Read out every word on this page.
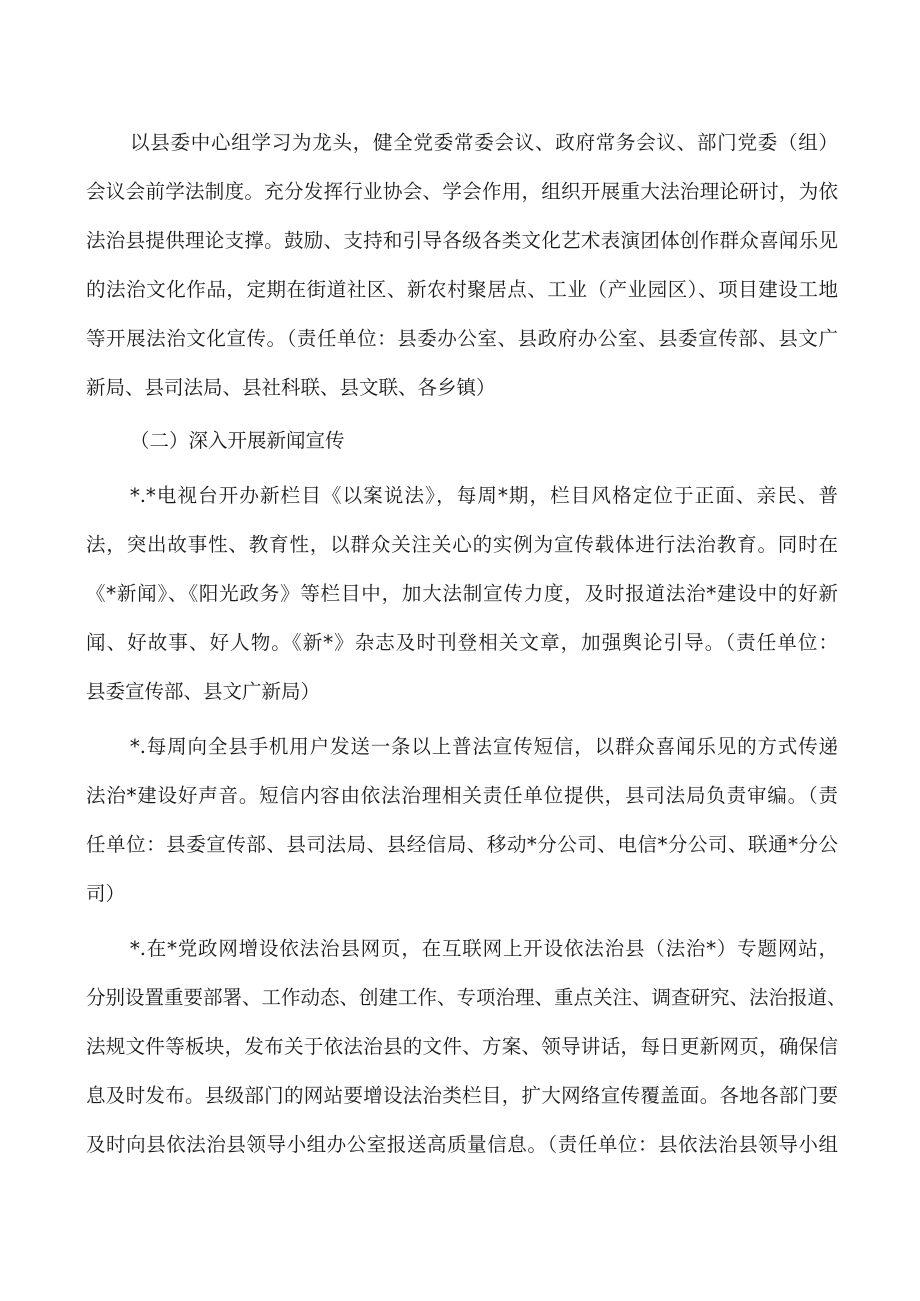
以县委中心组学习为龙头，健全党委常委会议、政府常务会议、部门党委（组）
会议会前学法制度。充分发挥行业协会、学会作用，组织开展重大法治理论研讨，为依
法治县提供理论支撑。鼓励、支持和引导各级各类文化艺术表演团体创作群众喜闻乐见
的法治文化作品，定期在街道社区、新农村聚居点、工业（产业园区）、项目建设工地
等开展法治文化宣传。（责任单位：县委办公室、县政府办公室、县委宣传部、县文广
新局、县司法局、县社科联、县文联、各乡镇）
（二）深入开展新闻宣传
*.*电视台开办新栏目《以案说法》，每周*期，栏目风格定位于正面、亲民、普
法，突出故事性、教育性，以群众关注关心的实例为宣传载体进行法治教育。同时在
《*新闻》、《阳光政务》等栏目中，加大法制宣传力度，及时报道法治*建设中的好新
闻、好故事、好人物。《新*》杂志及时刊登相关文章，加强舆论引导。（责任单位：
县委宣传部、县文广新局）
*.每周向全县手机用户发送一条以上普法宣传短信，以群众喜闻乐见的方式传递
法治*建设好声音。短信内容由依法治理相关责任单位提供，县司法局负责审编。（责
任单位：县委宣传部、县司法局、县经信局、移动*分公司、电信*分公司、联通*分公
司）
*.在*党政网增设依法治县网页，在互联网上开设依法治县（法治*）专题网站，
分别设置重要部署、工作动态、创建工作、专项治理、重点关注、调查研究、法治报道、
法规文件等板块，发布关于依法治县的文件、方案、领导讲话，每日更新网页，确保信
息及时发布。县级部门的网站要增设法治类栏目，扩大网络宣传覆盖面。各地各部门要
及时向县依法治县领导小组办公室报送高质量信息。（责任单位：县依法治县领导小组
